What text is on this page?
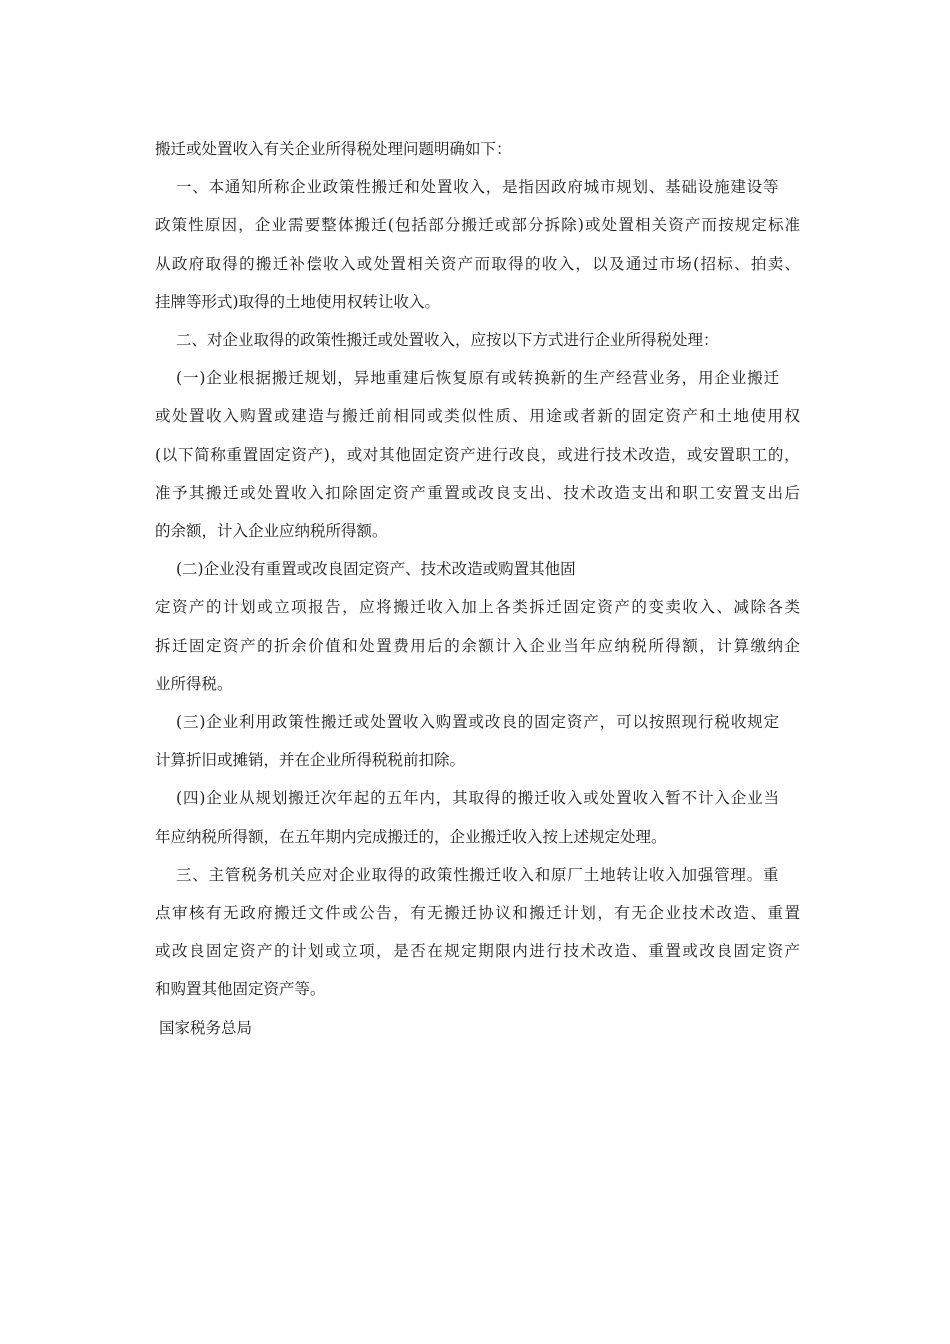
搬迁或处置收入有关企业所得税处理问题明确如下：

一、本通知所称企业政策性搬迁和处置收入，是指因政府城市规划、基础设施建设等
政策性原因，企业需要整体搬迁(包括部分搬迁或部分拆除)或处置相关资产而按规定标准
从政府取得的搬迁补偿收入或处置相关资产而取得的收入，以及通过市场(招标、拍卖、
挂牌等形式)取得的土地使用权转让收入。

二、对企业取得的政策性搬迁或处置收入，应按以下方式进行企业所得税处理：

(一)企业根据搬迁规划，异地重建后恢复原有或转换新的生产经营业务，用企业搬迁
或处置收入购置或建造与搬迁前相同或类似性质、用途或者新的固定资产和土地使用权
(以下简称重置固定资产)，或对其他固定资产进行改良，或进行技术改造，或安置职工的，
准予其搬迁或处置收入扣除固定资产重置或改良支出、技术改造支出和职工安置支出后
的余额，计入企业应纳税所得额。

(二)企业没有重置或改良固定资产、技术改造或购置其他固

定资产的计划或立项报告，应将搬迁收入加上各类拆迁固定资产的变卖收入、减除各类
拆迁固定资产的折余价值和处置费用后的余额计入企业当年应纳税所得额，计算缴纳企
业所得税。

(三)企业利用政策性搬迁或处置收入购置或改良的固定资产，可以按照现行税收规定
计算折旧或摊销，并在企业所得税税前扣除。

(四)企业从规划搬迁次年起的五年内，其取得的搬迁收入或处置收入暂不计入企业当
年应纳税所得额，在五年期内完成搬迁的，企业搬迁收入按上述规定处理。

三、主管税务机关应对企业取得的政策性搬迁收入和原厂土地转让收入加强管理。重
点审核有无政府搬迁文件或公告，有无搬迁协议和搬迁计划，有无企业技术改造、重置
或改良固定资产的计划或立项，是否在规定期限内进行技术改造、重置或改良固定资产
和购置其他固定资产等。

国家税务总局
